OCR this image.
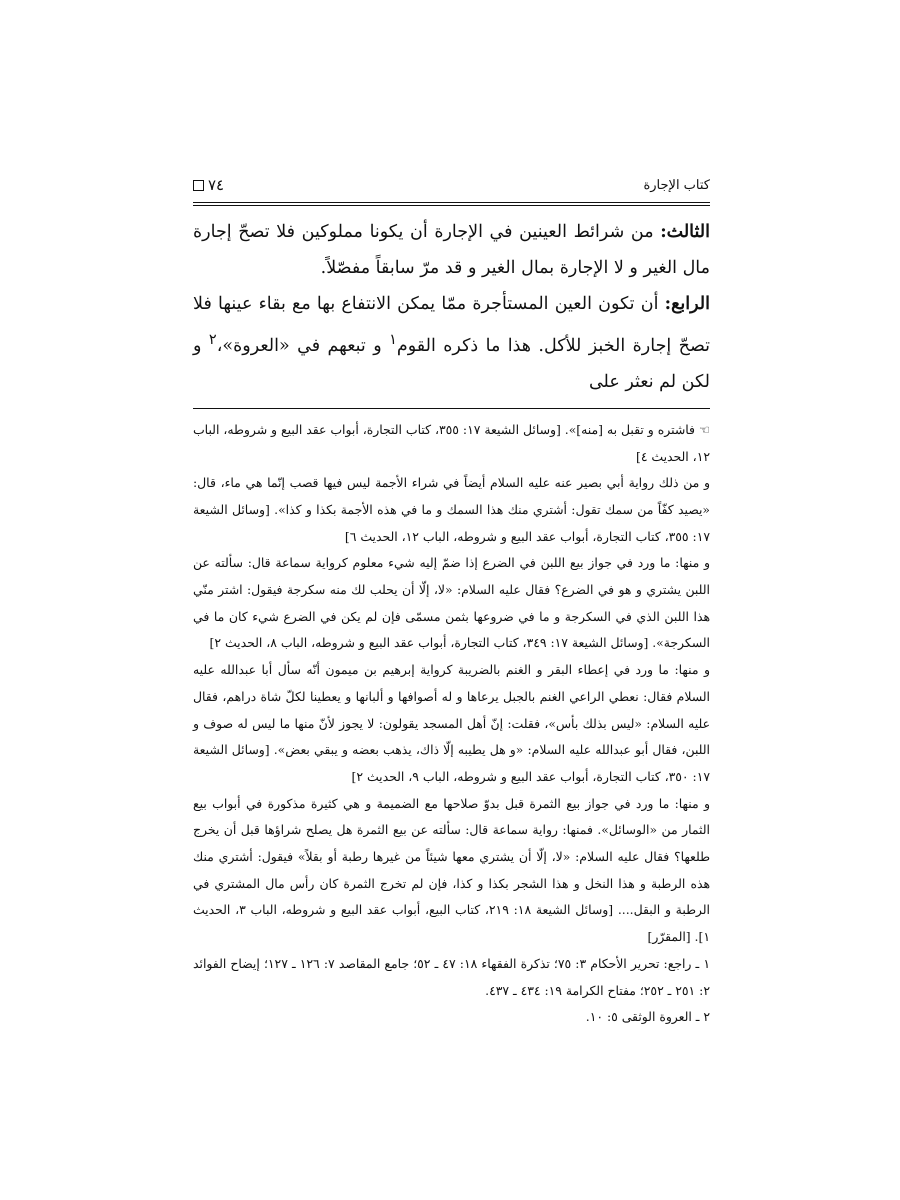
كتاب الإجارة
٧٤

الثالث: من شرائط العينين في الإجارة أن يكونا مملوكين فلا تصحّ إجارة مال الغير و لا الإجارة بمال الغير و قد مرّ سابقاً مفصّلاً.

الرابع: أن تكون العين المستأجرة ممّا يمكن الانتفاع بها مع بقاء عينها فلا تصحّ إجارة الخبز للأكل. هذا ما ذكره القوم$^١$ و تبعهم في «العروة»،$^٢$ و لكن لم نعثر على

☜ فاشتره و تقبل به [منه]». [وسائل الشيعة ١٧: ٣٥٥، كتاب التجارة، أبواب عقد البيع و شروطه، الباب ١٢، الحديث ٤]

و من ذلك رواية أبي بصير عنه عليه السلام أيضاً في شراء الأجمة ليس فيها قصب إنّما هي ماء، قال: «يصيد كفّاً من سمك تقول: أشتري منك هذا السمك و ما في هذه الأجمة بكذا و كذا». [وسائل الشيعة ١٧: ٣٥٥، كتاب التجارة، أبواب عقد البيع و شروطه، الباب ١٢، الحديث ٦]

و منها: ما ورد في جواز بيع اللبن في الضرع إذا ضمّ إليه شيء معلوم كرواية سماعة قال: سألته عن اللبن يشتري و هو في الضرع؟ فقال عليه السلام: «لا، إلّا أن يحلب لك منه سكرجة فيقول: اشتر منّي هذا اللبن الذي في السكرجة و ما في ضروعها بثمن مسمّى فإن لم يكن في الضرع شيء كان ما في السكرجة». [وسائل الشيعة ١٧: ٣٤٩، كتاب التجارة، أبواب عقد البيع و شروطه، الباب ٨، الحديث ٢]

و منها: ما ورد في إعطاء البقر و الغنم بالضريبة كرواية إبرهيم بن ميمون أنّه سأل أبا عبدالله عليه السلام فقال: نعطي الراعي الغنم بالجبل يرعاها و له أصوافها و ألبانها و يعطينا لكلّ شاة دراهم، فقال عليه السلام: «ليس بذلك بأس»، فقلت: إنّ أهل المسجد يقولون: لا يجوز لأنّ منها ما ليس له صوف و اللبن، فقال أبو عبدالله عليه السلام: «و هل يطيبه إلّا ذاك، يذهب بعضه و يبقي بعض». [وسائل الشيعة ١٧: ٣٥٠، كتاب التجارة، أبواب عقد البيع و شروطه، الباب ٩، الحديث ٢]

و منها: ما ورد في جواز بيع الثمرة قبل بدوّ صلاحها مع الضميمة و هي كثيرة مذكورة في أبواب بيع الثمار من «الوسائل». فمنها: رواية سماعة قال: سألته عن بيع الثمرة هل يصلح شراؤها قبل أن يخرج طلعها؟ فقال عليه السلام: «لا، إلّا أن يشتري معها شيئاً من غيرها رطبة أو بقلاً» فيقول: أشتري منك هذه الرطبة و هذا النخل و هذا الشجر بكذا و كذا، فإن لم تخرج الثمرة كان رأس مال المشتري في الرطبة و البقل.... [وسائل الشيعة ١٨: ٢١٩، كتاب البيع، أبواب عقد البيع و شروطه، الباب ٣، الحديث ١]. [المقرّر]

١ ـ راجع: تحرير الأحكام ٣: ٧٥؛ تذكرة الفقهاء ١٨: ٤٧ ـ ٥٢؛ جامع المقاصد ٧: ١٢٦ ـ ١٢٧؛ إيضاح الفوائد ٢: ٢٥١ ـ ٢٥٢؛ مفتاح الكرامة ١٩: ٤٣٤ ـ ٤٣٧.

٢ ـ العروة الوثقى ٥: ١٠.
